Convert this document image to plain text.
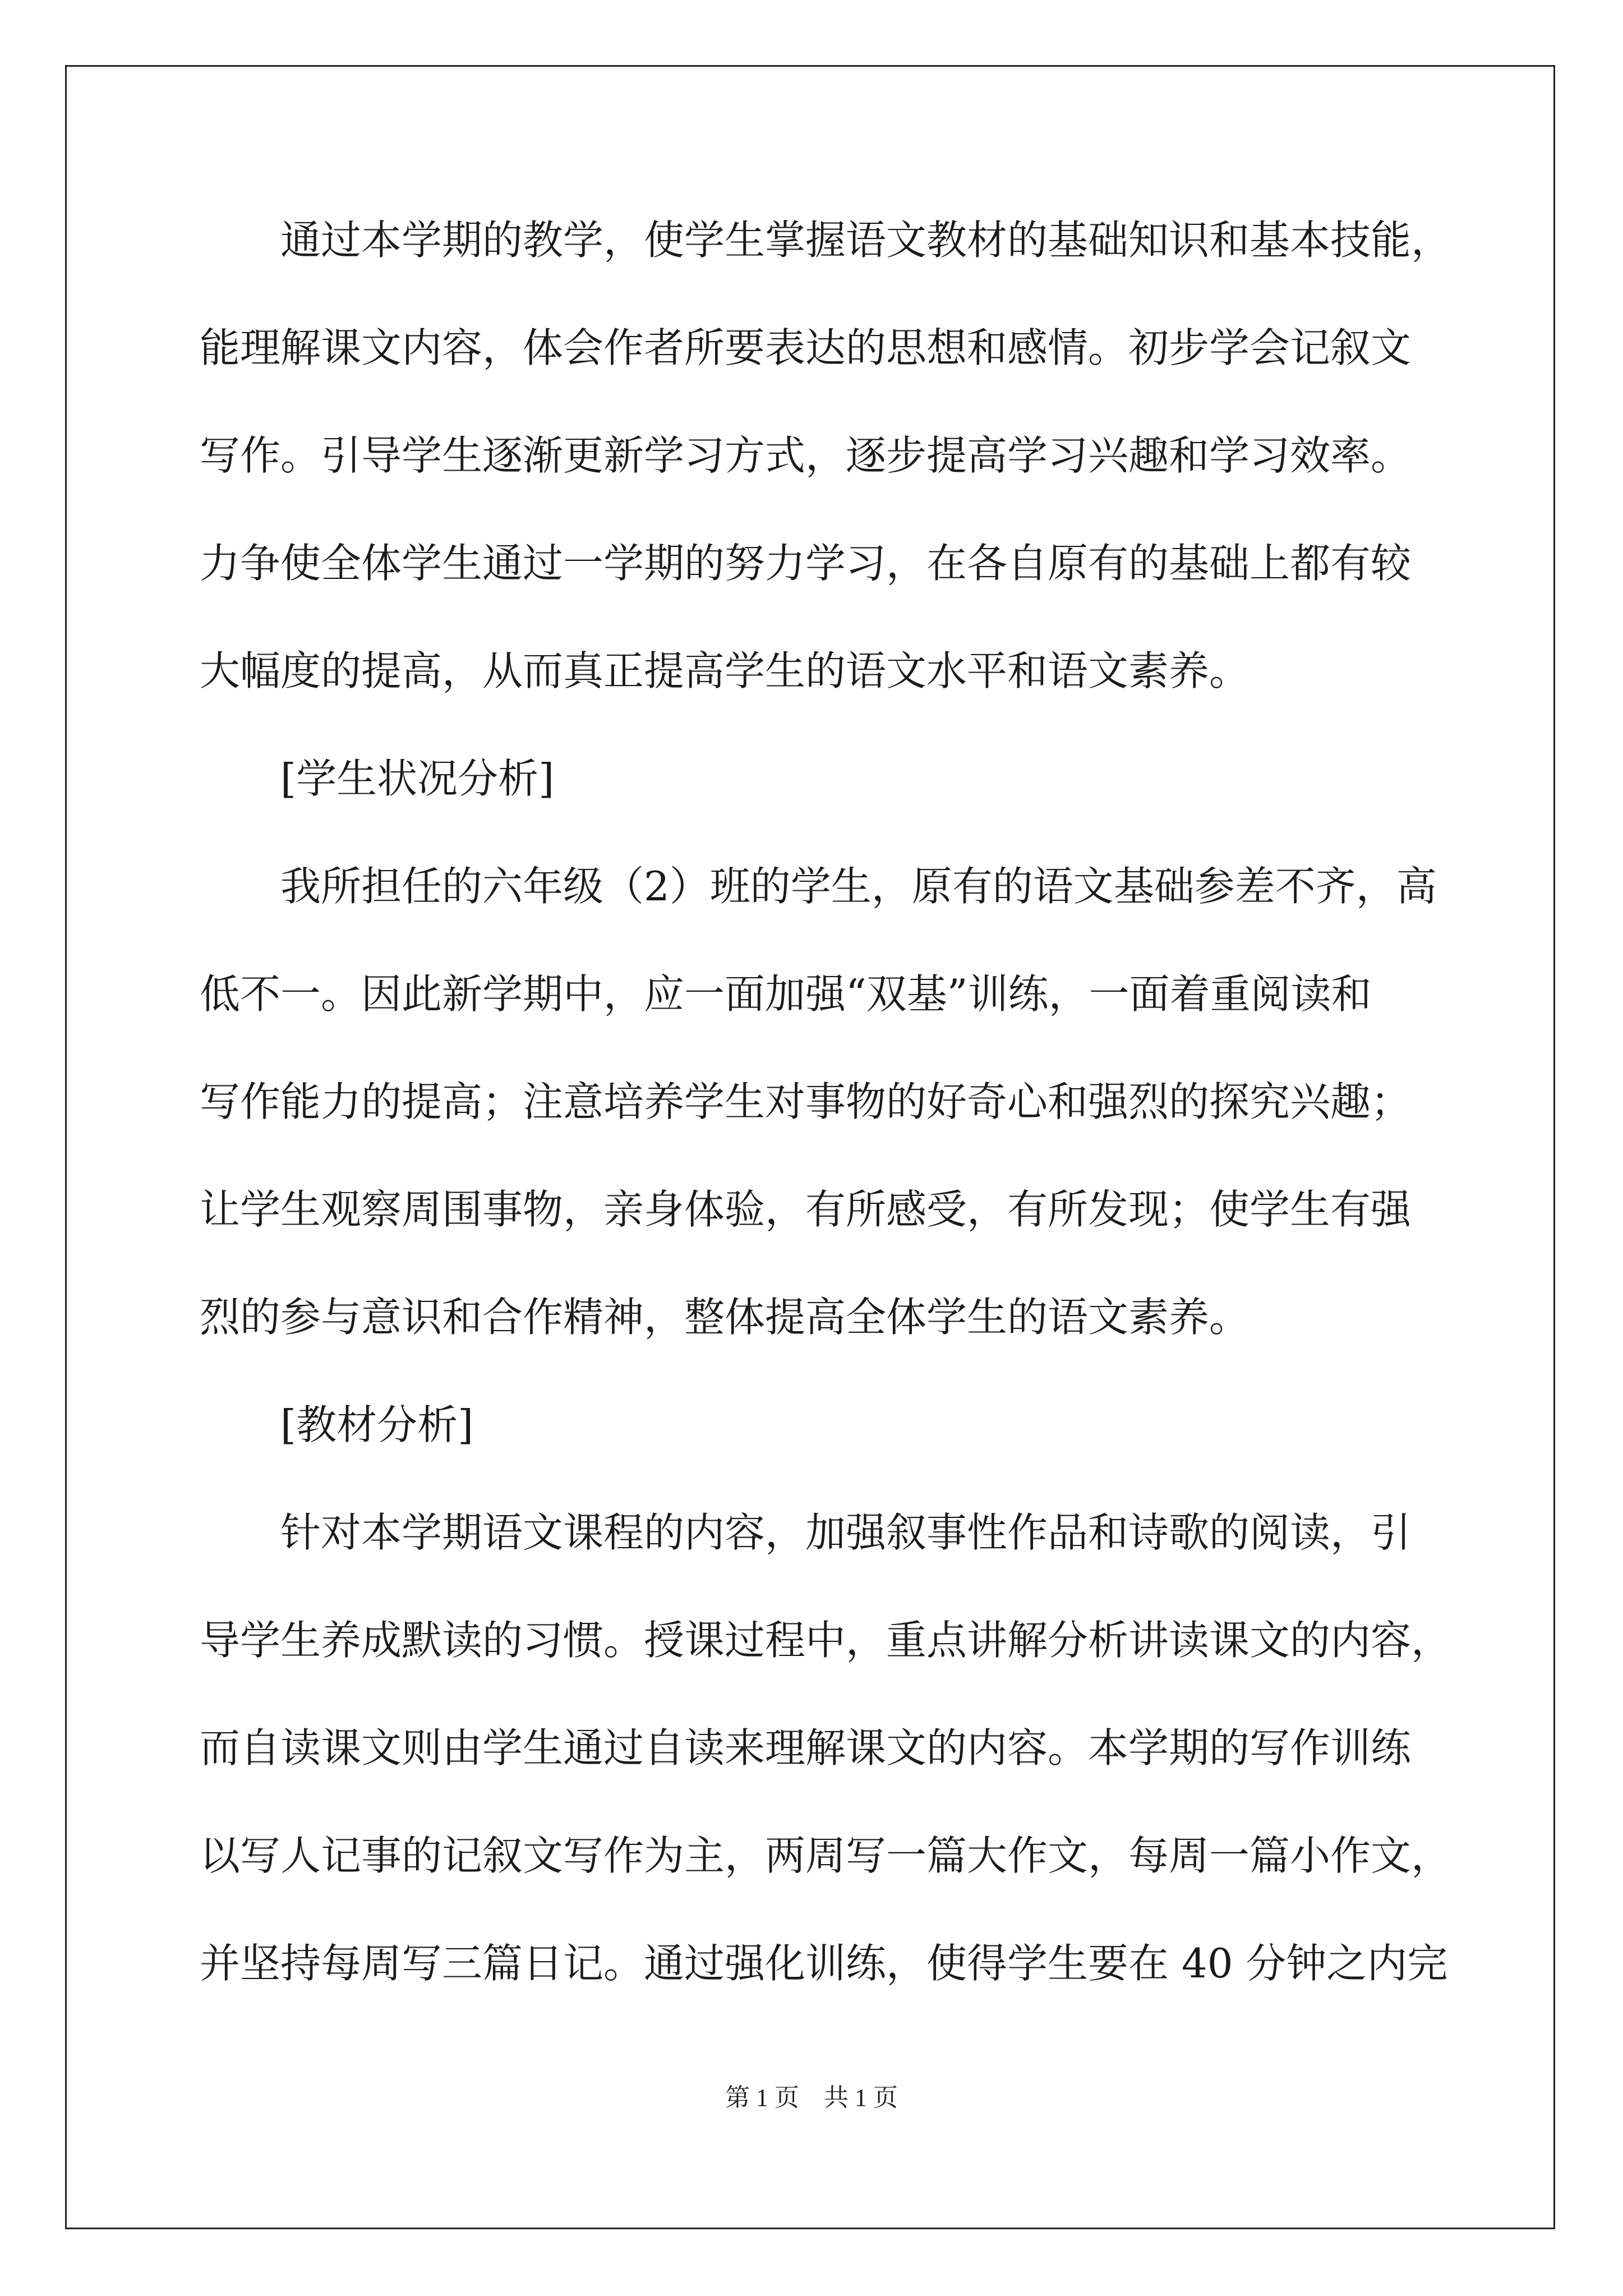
通过本学期的教学，使学生掌握语文教材的基础知识和基本技能，
能理解课文内容，体会作者所要表达的思想和感情。初步学会记叙文
写作。引导学生逐渐更新学习方式，逐步提高学习兴趣和学习效率。
力争使全体学生通过一学期的努力学习，在各自原有的基础上都有较
大幅度的提高，从而真正提高学生的语文水平和语文素养。
[学生状况分析]
我所担任的六年级（2）班的学生，原有的语文基础参差不齐，高
低不一。因此新学期中，应一面加强“双基”训练，一面着重阅读和
写作能力的提高；注意培养学生对事物的好奇心和强烈的探究兴趣；
让学生观察周围事物，亲身体验，有所感受，有所发现；使学生有强
烈的参与意识和合作精神，整体提高全体学生的语文素养。
[教材分析]
针对本学期语文课程的内容，加强叙事性作品和诗歌的阅读，引
导学生养成默读的习惯。授课过程中，重点讲解分析讲读课文的内容，
而自读课文则由学生通过自读来理解课文的内容。本学期的写作训练
以写人记事的记叙文写作为主，两周写一篇大作文，每周一篇小作文，
并坚持每周写三篇日记。通过强化训练，使得学生要在 40 分钟之内完
第 1 页　共 1 页
